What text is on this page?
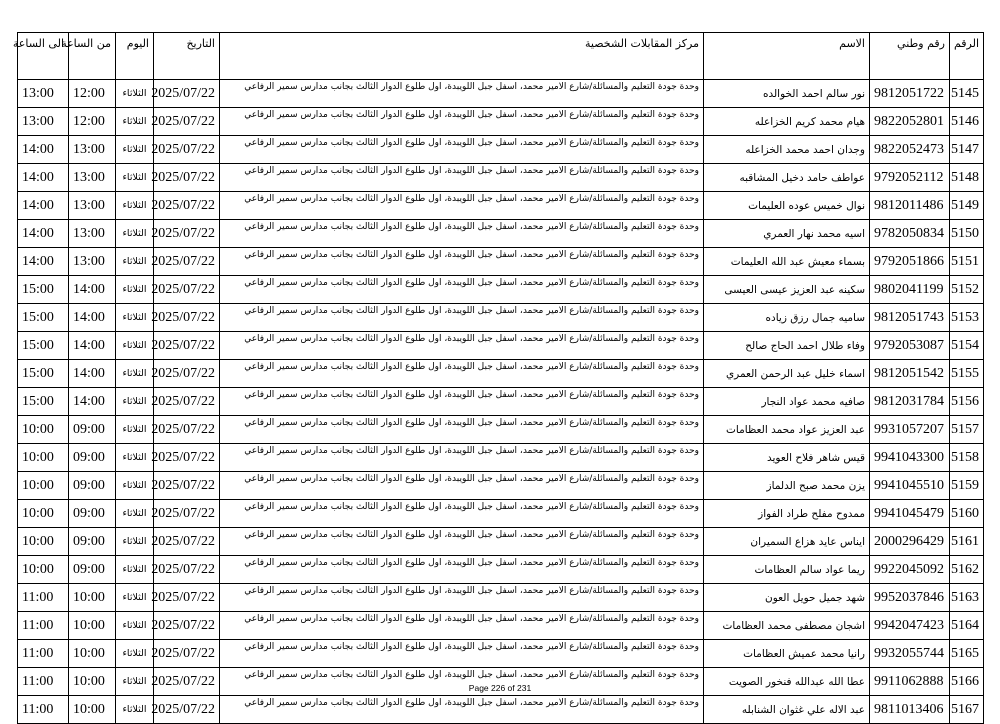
الرقم	رقم وطني	الاسم	مركز المقابلات الشخصية	التاريخ	اليوم	من الساعة	الى الساعة
5145	9812051722	نور سالم احمد الخوالده	وحدة جودة التعليم والمسائلة/شارع الامير محمد، اسفل جبل اللويبدة، اول طلوع الدوار الثالث بجانب مدارس سمير الرفاعي	2025/07/22	الثلاثاء	12:00	13:00
5146	9822052801	هيام محمد كريم الخزاعله	وحدة جودة التعليم والمسائلة/شارع الامير محمد، اسفل جبل اللويبدة، اول طلوع الدوار الثالث بجانب مدارس سمير الرفاعي	2025/07/22	الثلاثاء	12:00	13:00
5147	9822052473	وجدان احمد محمد الخزاعله	وحدة جودة التعليم والمسائلة/شارع الامير محمد، اسفل جبل اللويبدة، اول طلوع الدوار الثالث بجانب مدارس سمير الرفاعي	2025/07/22	الثلاثاء	13:00	14:00
5148	9792052112	عواطف حامد دخيل المشاقبه	وحدة جودة التعليم والمسائلة/شارع الامير محمد، اسفل جبل اللويبدة، اول طلوع الدوار الثالث بجانب مدارس سمير الرفاعي	2025/07/22	الثلاثاء	13:00	14:00
5149	9812011486	نوال خميس عوده العليمات	وحدة جودة التعليم والمسائلة/شارع الامير محمد، اسفل جبل اللويبدة، اول طلوع الدوار الثالث بجانب مدارس سمير الرفاعي	2025/07/22	الثلاثاء	13:00	14:00
5150	9782050834	اسيه محمد نهار العمري	وحدة جودة التعليم والمسائلة/شارع الامير محمد، اسفل جبل اللويبدة، اول طلوع الدوار الثالث بجانب مدارس سمير الرفاعي	2025/07/22	الثلاثاء	13:00	14:00
5151	9792051866	بسماء معيش عبد الله العليمات	وحدة جودة التعليم والمسائلة/شارع الامير محمد، اسفل جبل اللويبدة، اول طلوع الدوار الثالث بجانب مدارس سمير الرفاعي	2025/07/22	الثلاثاء	13:00	14:00
5152	9802041199	سكينه عبد العزيز عيسى العيسى	وحدة جودة التعليم والمسائلة/شارع الامير محمد، اسفل جبل اللويبدة، اول طلوع الدوار الثالث بجانب مدارس سمير الرفاعي	2025/07/22	الثلاثاء	14:00	15:00
5153	9812051743	ساميه جمال رزق زياده	وحدة جودة التعليم والمسائلة/شارع الامير محمد، اسفل جبل اللويبدة، اول طلوع الدوار الثالث بجانب مدارس سمير الرفاعي	2025/07/22	الثلاثاء	14:00	15:00
5154	9792053087	وفاء طلال احمد الحاج صالح	وحدة جودة التعليم والمسائلة/شارع الامير محمد، اسفل جبل اللويبدة، اول طلوع الدوار الثالث بجانب مدارس سمير الرفاعي	2025/07/22	الثلاثاء	14:00	15:00
5155	9812051542	اسماء خليل عبد الرحمن العمري	وحدة جودة التعليم والمسائلة/شارع الامير محمد، اسفل جبل اللويبدة، اول طلوع الدوار الثالث بجانب مدارس سمير الرفاعي	2025/07/22	الثلاثاء	14:00	15:00
5156	9812031784	صافيه محمد عواد النجار	وحدة جودة التعليم والمسائلة/شارع الامير محمد، اسفل جبل اللويبدة، اول طلوع الدوار الثالث بجانب مدارس سمير الرفاعي	2025/07/22	الثلاثاء	14:00	15:00
5157	9931057207	عبد العزيز عواد محمد العظامات	وحدة جودة التعليم والمسائلة/شارع الامير محمد، اسفل جبل اللويبدة، اول طلوع الدوار الثالث بجانب مدارس سمير الرفاعي	2025/07/22	الثلاثاء	09:00	10:00
5158	9941043300	قيس شاهر فلاح العويد	وحدة جودة التعليم والمسائلة/شارع الامير محمد، اسفل جبل اللويبدة، اول طلوع الدوار الثالث بجانب مدارس سمير الرفاعي	2025/07/22	الثلاثاء	09:00	10:00
5159	9941045510	يزن محمد صبح الدلماز	وحدة جودة التعليم والمسائلة/شارع الامير محمد، اسفل جبل اللويبدة، اول طلوع الدوار الثالث بجانب مدارس سمير الرفاعي	2025/07/22	الثلاثاء	09:00	10:00
5160	9941045479	ممدوح مفلح طراد الفواز	وحدة جودة التعليم والمسائلة/شارع الامير محمد، اسفل جبل اللويبدة، اول طلوع الدوار الثالث بجانب مدارس سمير الرفاعي	2025/07/22	الثلاثاء	09:00	10:00
5161	2000296429	ايناس عايد هزاع السميران	وحدة جودة التعليم والمسائلة/شارع الامير محمد، اسفل جبل اللويبدة، اول طلوع الدوار الثالث بجانب مدارس سمير الرفاعي	2025/07/22	الثلاثاء	09:00	10:00
5162	9922045092	ريما عواد سالم العظامات	وحدة جودة التعليم والمسائلة/شارع الامير محمد، اسفل جبل اللويبدة، اول طلوع الدوار الثالث بجانب مدارس سمير الرفاعي	2025/07/22	الثلاثاء	09:00	10:00
5163	9952037846	شهد جميل حويل العون	وحدة جودة التعليم والمسائلة/شارع الامير محمد، اسفل جبل اللويبدة، اول طلوع الدوار الثالث بجانب مدارس سمير الرفاعي	2025/07/22	الثلاثاء	10:00	11:00
5164	9942047423	اشجان مصطفى محمد العظامات	وحدة جودة التعليم والمسائلة/شارع الامير محمد، اسفل جبل اللويبدة، اول طلوع الدوار الثالث بجانب مدارس سمير الرفاعي	2025/07/22	الثلاثاء	10:00	11:00
5165	9932055744	رانيا محمد عميش العظامات	وحدة جودة التعليم والمسائلة/شارع الامير محمد، اسفل جبل اللويبدة، اول طلوع الدوار الثالث بجانب مدارس سمير الرفاعي	2025/07/22	الثلاثاء	10:00	11:00
5166	9911062888	عطا الله عبدالله فنخور الصويت	وحدة جودة التعليم والمسائلة/شارع الامير محمد، اسفل جبل اللويبدة، اول طلوع الدوار الثالث بجانب مدارس سمير الرفاعي	2025/07/22	الثلاثاء	10:00	11:00
5167	9811013406	عبد الاله علي غثوان الشنابله	وحدة جودة التعليم والمسائلة/شارع الامير محمد، اسفل جبل اللويبدة، اول طلوع الدوار الثالث بجانب مدارس سمير الرفاعي	2025/07/22	الثلاثاء	10:00	11:00
Page 226 of 231
